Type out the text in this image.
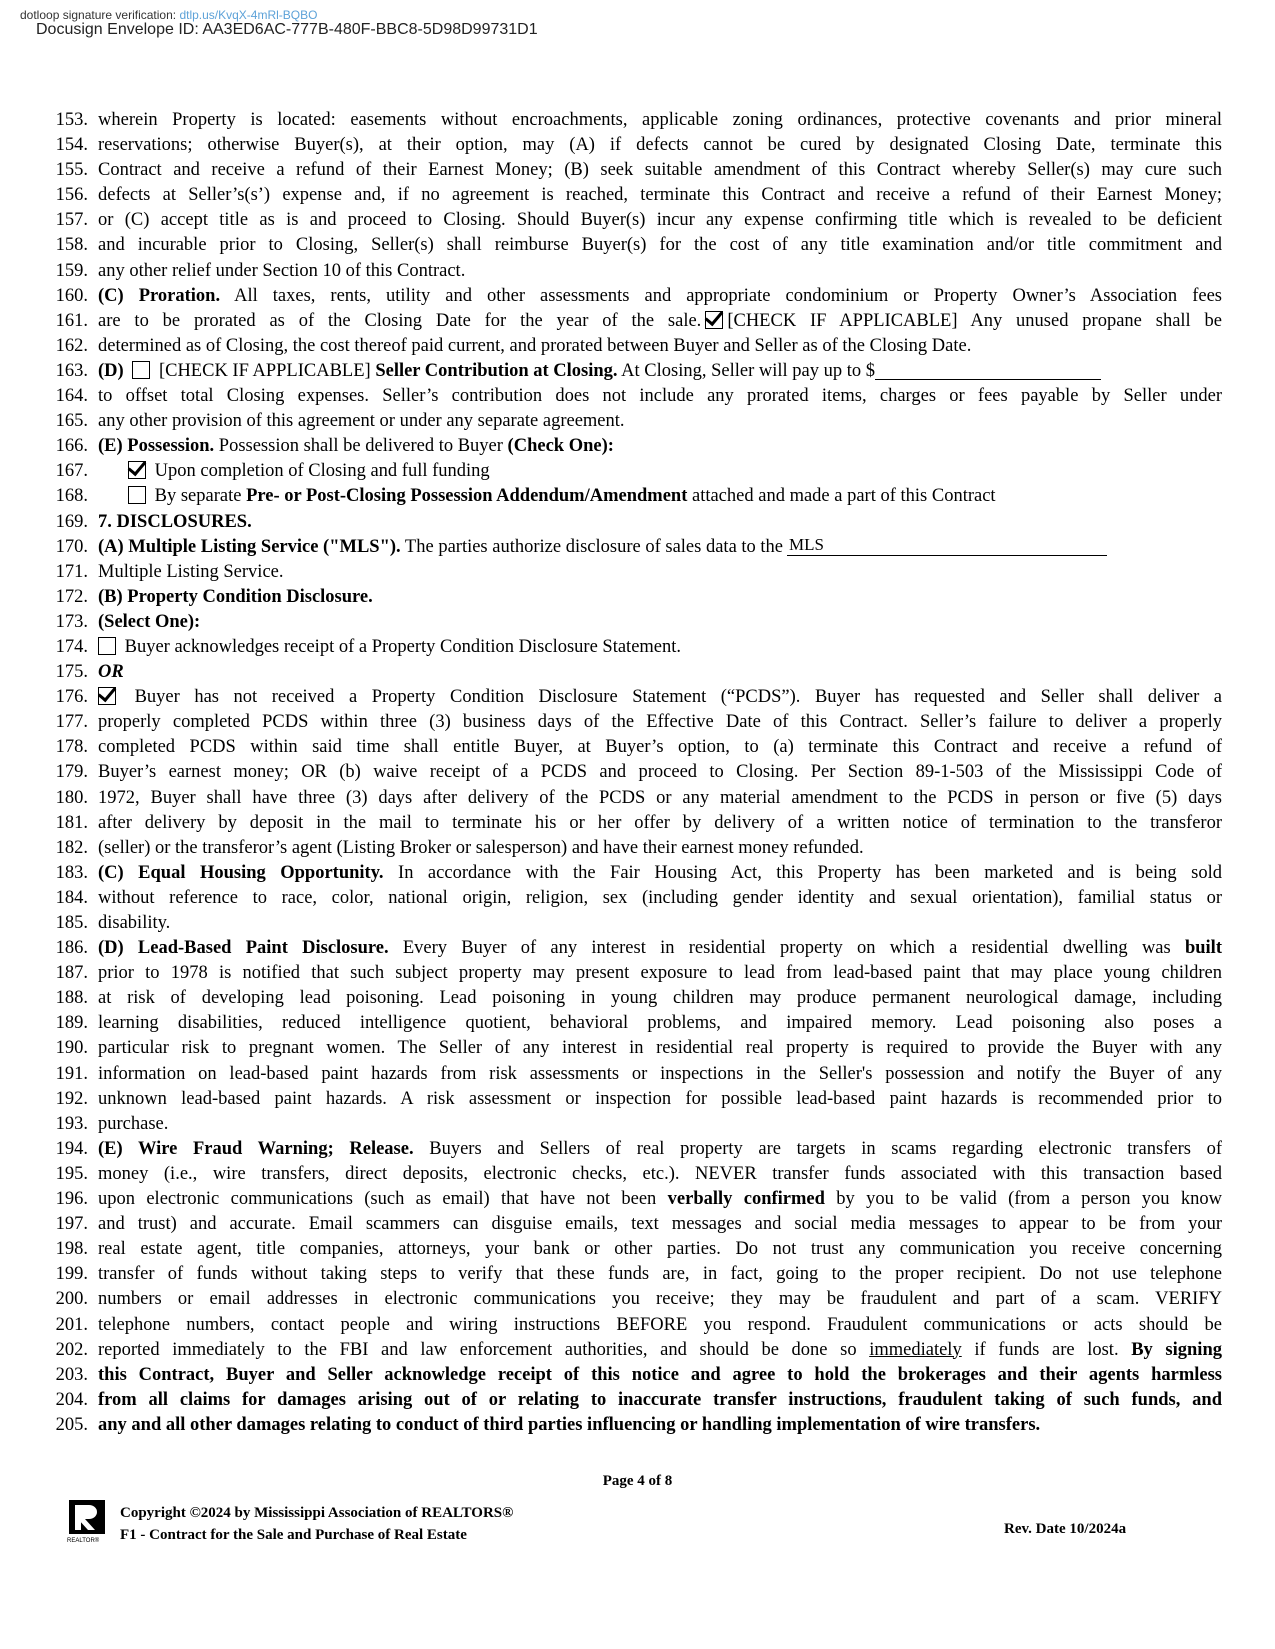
dotloop signature verification: dtlp.us/KvqX-4mRl-BQBO
Docusign Envelope ID: AA3ED6AC-777B-480F-BBC8-5D98D99731D1
153. wherein Property is located: easements without encroachments, applicable zoning ordinances, protective covenants and prior mineral
154. reservations; otherwise Buyer(s), at their option, may (A) if defects cannot be cured by designated Closing Date, terminate this
155. Contract and receive a refund of their Earnest Money; (B) seek suitable amendment of this Contract whereby Seller(s) may cure such
156. defects at Seller’s(s’) expense and, if no agreement is reached, terminate this Contract and receive a refund of their Earnest Money;
157. or (C) accept title as is and proceed to Closing. Should Buyer(s) incur any expense confirming title which is revealed to be deficient
158. and incurable prior to Closing, Seller(s) shall reimburse Buyer(s) for the cost of any title examination and/or title commitment and
159. any other relief under Section 10 of this Contract.
160. (C) Proration. All taxes, rents, utility and other assessments and appropriate condominium or Property Owner’s Association fees
161. are to be prorated as of the Closing Date for the year of the sale. [CHECK IF APPLICABLE] Any unused propane shall be
162. determined as of Closing, the cost thereof paid current, and prorated between Buyer and Seller as of the Closing Date.
163. (D)  [CHECK IF APPLICABLE] Seller Contribution at Closing. At Closing, Seller will pay up to $
164. to offset total Closing expenses. Seller’s contribution does not include any prorated items, charges or fees payable by Seller under
165. any other provision of this agreement or under any separate agreement.
166. (E) Possession. Possession shall be delivered to Buyer (Check One):
167.	Upon completion of Closing and full funding
168.	By separate Pre- or Post-Closing Possession Addendum/Amendment attached and made a part of this Contract
169. 7. DISCLOSURES.
170. (A) Multiple Listing Service ("MLS"). The parties authorize disclosure of sales data to the MLS
171. Multiple Listing Service.
172. (B) Property Condition Disclosure.
173. (Select One):
174.	Buyer acknowledges receipt of a Property Condition Disclosure Statement.
175. OR
176.	Buyer has not received a Property Condition Disclosure Statement (“PCDS”). Buyer has requested and Seller shall deliver a
177. properly completed PCDS within three (3) business days of the Effective Date of this Contract. Seller’s failure to deliver a properly
178. completed PCDS within said time shall entitle Buyer, at Buyer’s option, to (a) terminate this Contract and receive a refund of
179. Buyer’s earnest money; OR (b) waive receipt of a PCDS and proceed to Closing. Per Section 89-1-503 of the Mississippi Code of
180. 1972, Buyer shall have three (3) days after delivery of the PCDS or any material amendment to the PCDS in person or five (5) days
181. after delivery by deposit in the mail to terminate his or her offer by delivery of a written notice of termination to the transferor
182. (seller) or the transferor’s agent (Listing Broker or salesperson) and have their earnest money refunded.
183. (C) Equal Housing Opportunity. In accordance with the Fair Housing Act, this Property has been marketed and is being sold
184. without reference to race, color, national origin, religion, sex (including gender identity and sexual orientation), familial status or
185. disability.
186. (D) Lead-Based Paint Disclosure. Every Buyer of any interest in residential property on which a residential dwelling was built
187. prior to 1978 is notified that such subject property may present exposure to lead from lead-based paint that may place young children
188. at risk of developing lead poisoning. Lead poisoning in young children may produce permanent neurological damage, including
189. learning disabilities, reduced intelligence quotient, behavioral problems, and impaired memory. Lead poisoning also poses a
190. particular risk to pregnant women. The Seller of any interest in residential real property is required to provide the Buyer with any
191. information on lead-based paint hazards from risk assessments or inspections in the Seller's possession and notify the Buyer of any
192. unknown lead-based paint hazards. A risk assessment or inspection for possible lead-based paint hazards is recommended prior to
193. purchase.
194. (E) Wire Fraud Warning; Release. Buyers and Sellers of real property are targets in scams regarding electronic transfers of
195. money (i.e., wire transfers, direct deposits, electronic checks, etc.). NEVER transfer funds associated with this transaction based
196. upon electronic communications (such as email) that have not been verbally confirmed by you to be valid (from a person you know
197. and trust) and accurate. Email scammers can disguise emails, text messages and social media messages to appear to be from your
198. real estate agent, title companies, attorneys, your bank or other parties. Do not trust any communication you receive concerning
199. transfer of funds without taking steps to verify that these funds are, in fact, going to the proper recipient. Do not use telephone
200. numbers or email addresses in electronic communications you receive; they may be fraudulent and part of a scam. VERIFY
201. telephone numbers, contact people and wiring instructions BEFORE you respond. Fraudulent communications or acts should be
202. reported immediately to the FBI and law enforcement authorities, and should be done so immediately if funds are lost. By signing
203. this Contract, Buyer and Seller acknowledge receipt of this notice and agree to hold the brokerages and their agents harmless
204. from all claims for damages arising out of or relating to inaccurate transfer instructions, fraudulent taking of such funds, and
205. any and all other damages relating to conduct of third parties influencing or handling implementation of wire transfers.
Page 4 of 8
REALTOR®
Copyright ©2024 by Mississippi Association of REALTORS®
F1 - Contract for the Sale and Purchase of Real Estate	Rev. Date 10/2024a
